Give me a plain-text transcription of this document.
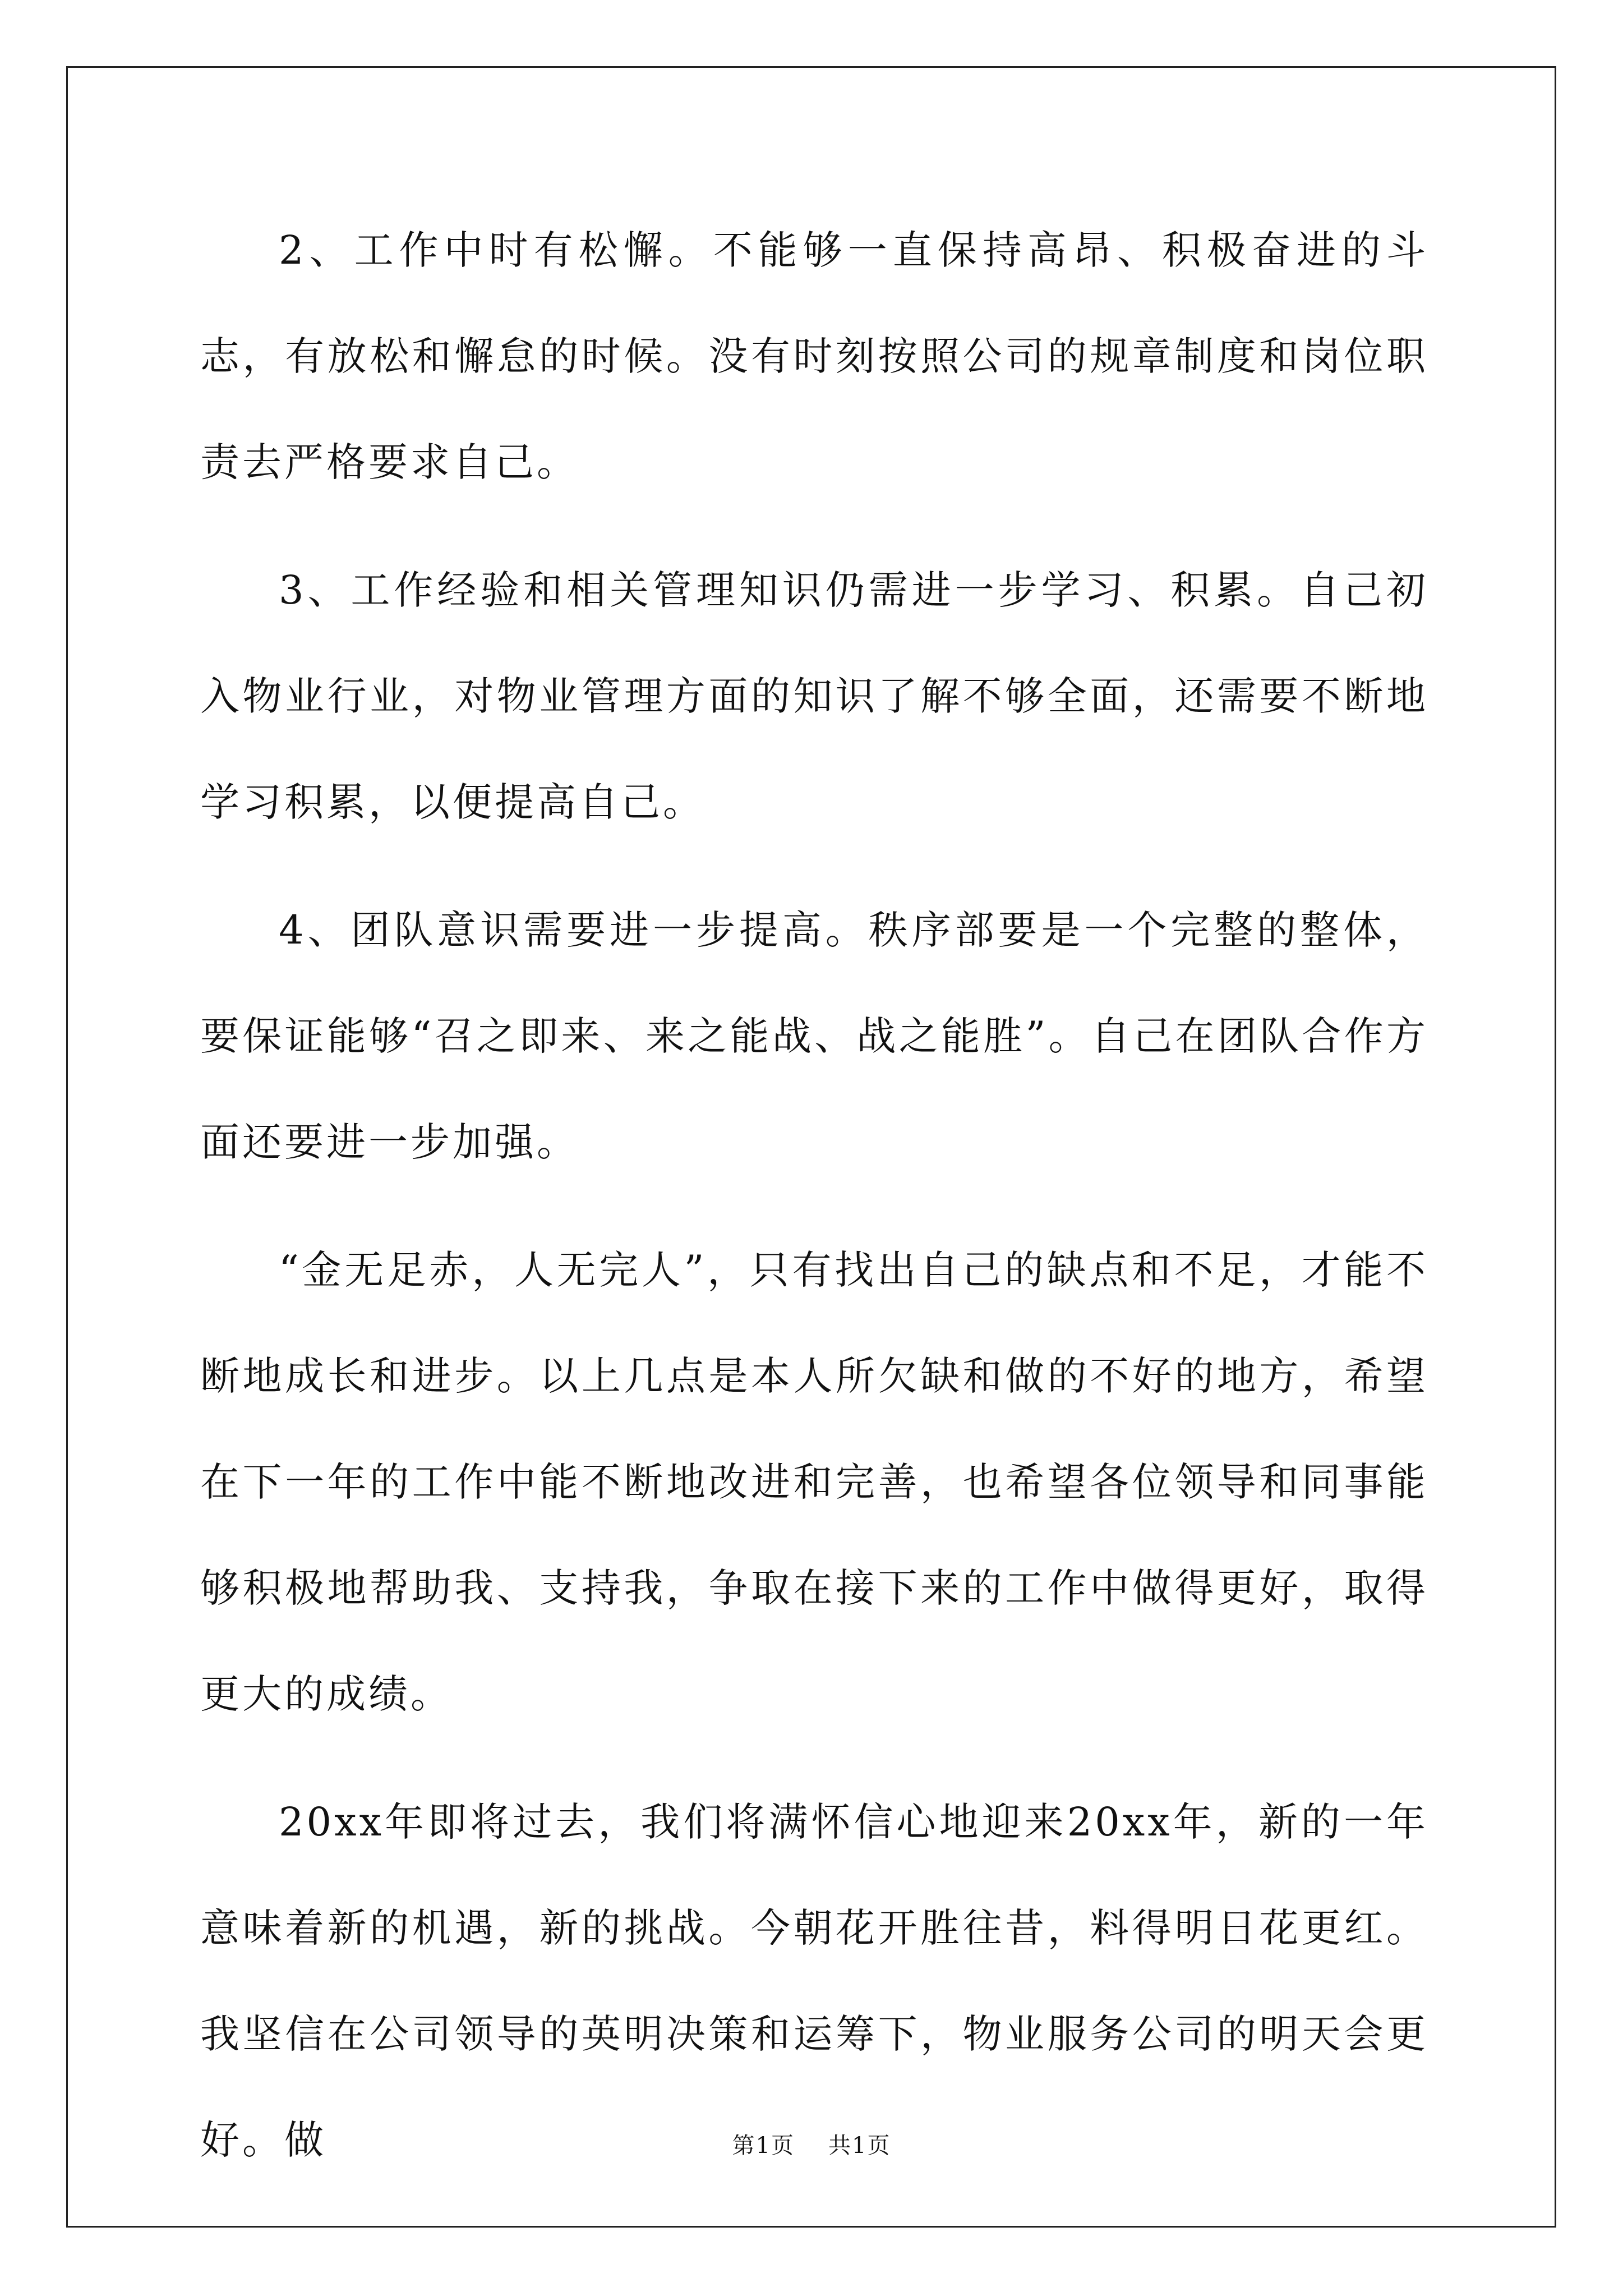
2、工作中时有松懈。不能够一直保持高昂、积极奋进的斗志，有放松和懈怠的时候。没有时刻按照公司的规章制度和岗位职责去严格要求自己。

3、工作经验和相关管理知识仍需进一步学习、积累。自己初入物业行业，对物业管理方面的知识了解不够全面，还需要不断地学习积累，以便提高自己。

4、团队意识需要进一步提高。秩序部要是一个完整的整体，要保证能够“召之即来、来之能战、战之能胜”。自己在团队合作方面还要进一步加强。

“金无足赤，人无完人”，只有找出自己的缺点和不足，才能不断地成长和进步。以上几点是本人所欠缺和做的不好的地方，希望在下一年的工作中能不断地改进和完善，也希望各位领导和同事能够积极地帮助我、支持我，争取在接下来的工作中做得更好，取得更大的成绩。

20xx年即将过去，我们将满怀信心地迎来20xx年，新的一年意味着新的机遇，新的挑战。今朝花开胜往昔，料得明日花更红。我坚信在公司领导的英明决策和运筹下，物业服务公司的明天会更好。做	第1页 共1页
